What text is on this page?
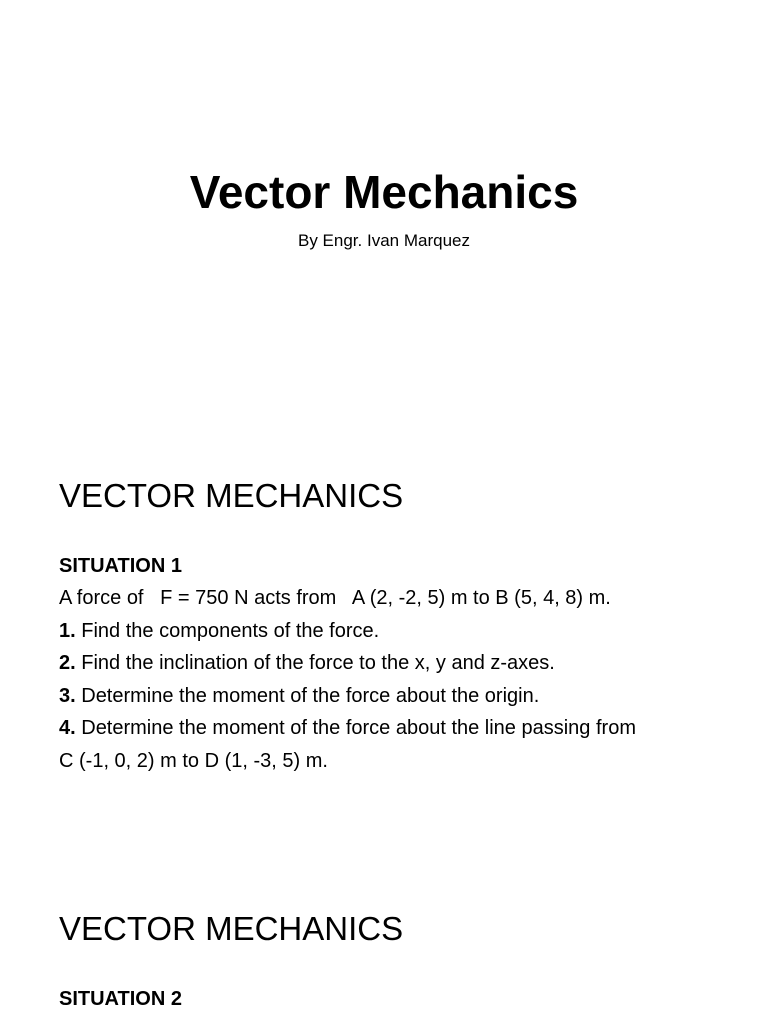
Vector Mechanics

By Engr. Ivan Marquez

VECTOR MECHANICS

SITUATION 1

A force of   F = 750 N acts from   A (2, -2, 5) m to B (5, 4, 8) m.

1. Find the components of the force.

2. Find the inclination of the force to the x, y and z-axes.

3. Determine the moment of the force about the origin.

4. Determine the moment of the force about the line passing from

C (-1, 0, 2) m to D (1, -3, 5) m.

VECTOR MECHANICS

SITUATION 2
